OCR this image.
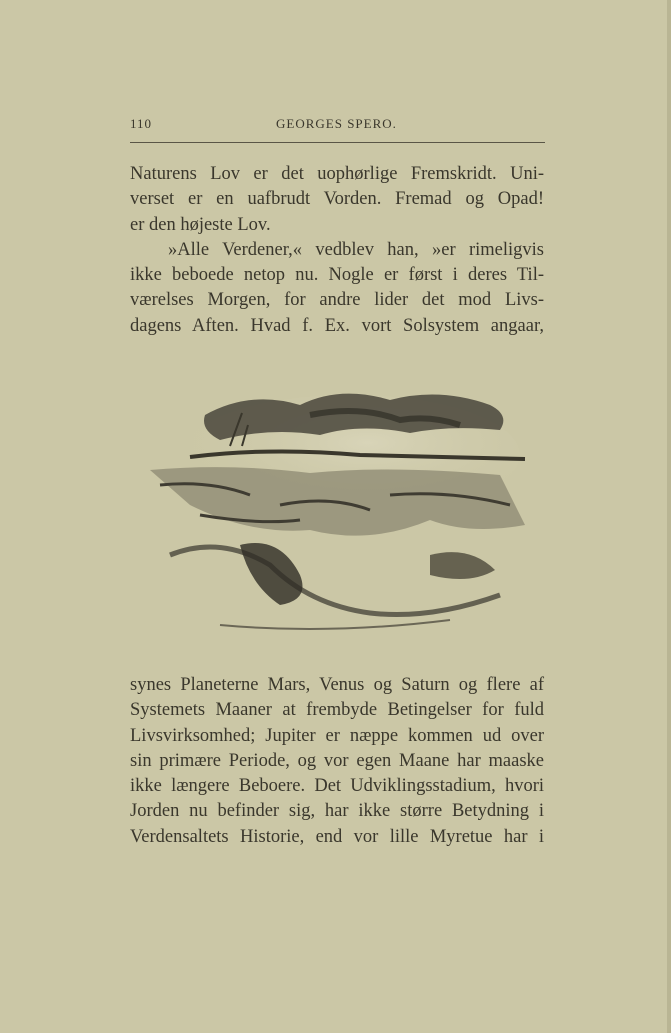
110	GEORGES SPERO.
Naturens Lov er det uophørlige Fremskridt. Uni-
verset er en uafbrudt Vorden. Fremad og Opad!
er den højeste Lov.
»Alle Verdener,« vedblev han, »er rimeligvis
ikke beboede netop nu. Nogle er først i deres Til-
værelses Morgen, for andre lider det mod Livs-
dagens Aften. Hvad f. Ex. vort Solsystem angaar,
synes Planeterne Mars, Venus og Saturn og flere af
Systemets Maaner at frembyde Betingelser for fuld
Livsvirksomhed; Jupiter er næppe kommen ud over
sin primære Periode, og vor egen Maane har maaske
ikke længere Beboere. Det Udviklingsstadium, hvori
Jorden nu befinder sig, har ikke større Betydning i
Verdensaltets Historie, end vor lille Myretue har i
